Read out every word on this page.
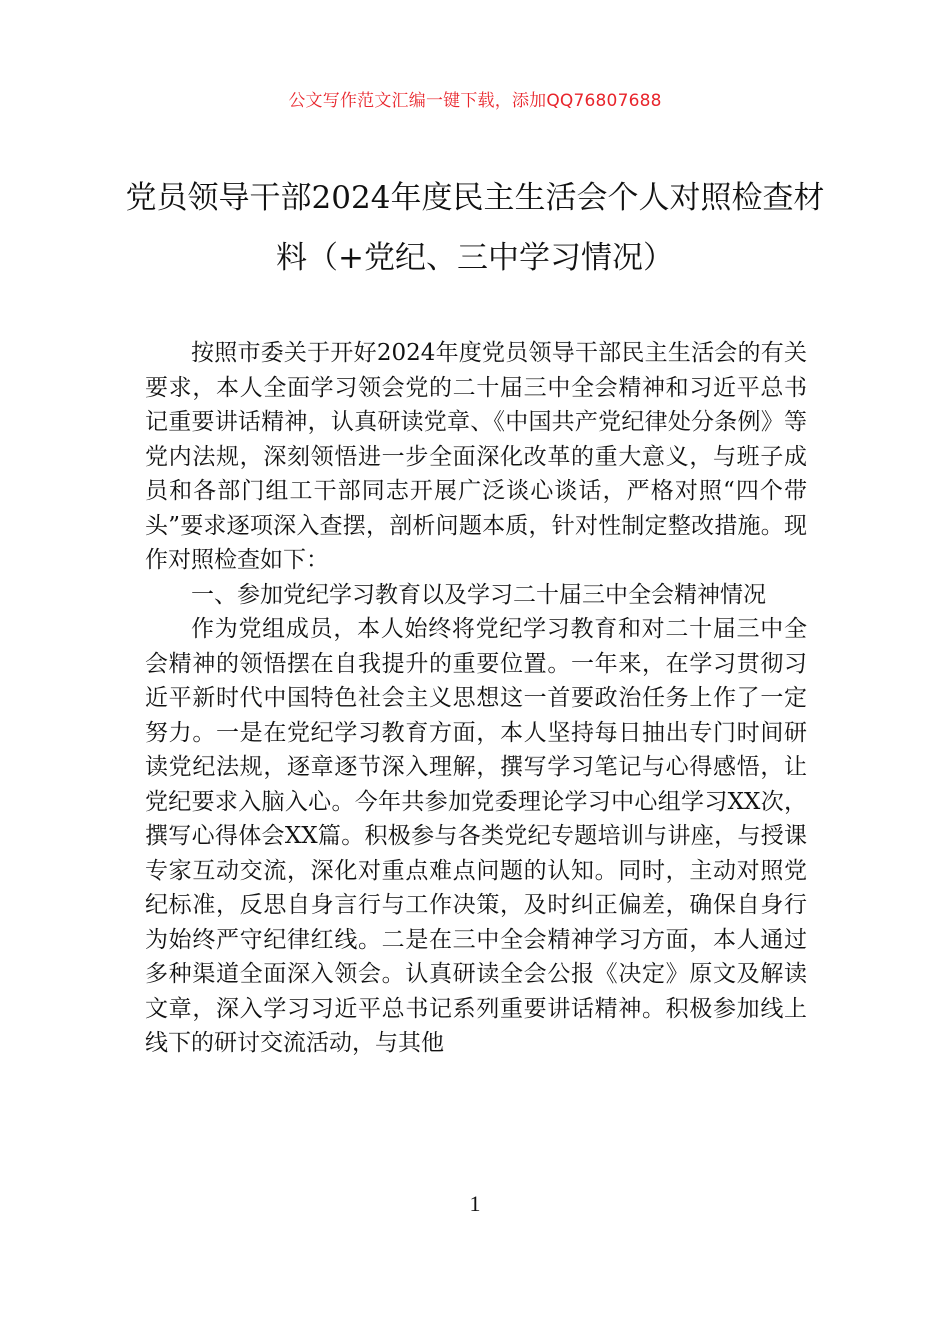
公文写作范文汇编一键下载，添加QQ76807688
党员领导干部2024年度民主生活会个人对照检查材料（+党纪、三中学习情况）

按照市委关于开好2024年度党员领导干部民主生活会的有关要求，本人全面学习领会党的二十届三中全会精神和习近平总书记重要讲话精神，认真研读党章、《中国共产党纪律处分条例》等党内法规，深刻领悟进一步全面深化改革的重大意义，与班子成员和各部门组工干部同志开展广泛谈心谈话，严格对照“四个带头”要求逐项深入查摆，剖析问题本质，针对性制定整改措施。现作对照检查如下：

一、参加党纪学习教育以及学习二十届三中全会精神情况

作为党组成员，本人始终将党纪学习教育和对二十届三中全会精神的领悟摆在自我提升的重要位置。一年来，在学习贯彻习近平新时代中国特色社会主义思想这一首要政治任务上作了一定努力。一是在党纪学习教育方面，本人坚持每日抽出专门时间研读党纪法规，逐章逐节深入理解，撰写学习笔记与心得感悟，让党纪要求入脑入心。今年共参加党委理论学习中心组学习XX次，撰写心得体会XX篇。积极参与各类党纪专题培训与讲座，与授课专家互动交流，深化对重点难点问题的认知。同时，主动对照党纪标准，反思自身言行与工作决策，及时纠正偏差，确保自身行为始终严守纪律红线。二是在三中全会精神学习方面，本人通过多种渠道全面深入领会。认真研读全会公报《决定》原文及解读文章，深入学习习近平总书记系列重要讲话精神。积极参加线上线下的研讨交流活动，与其他

1
